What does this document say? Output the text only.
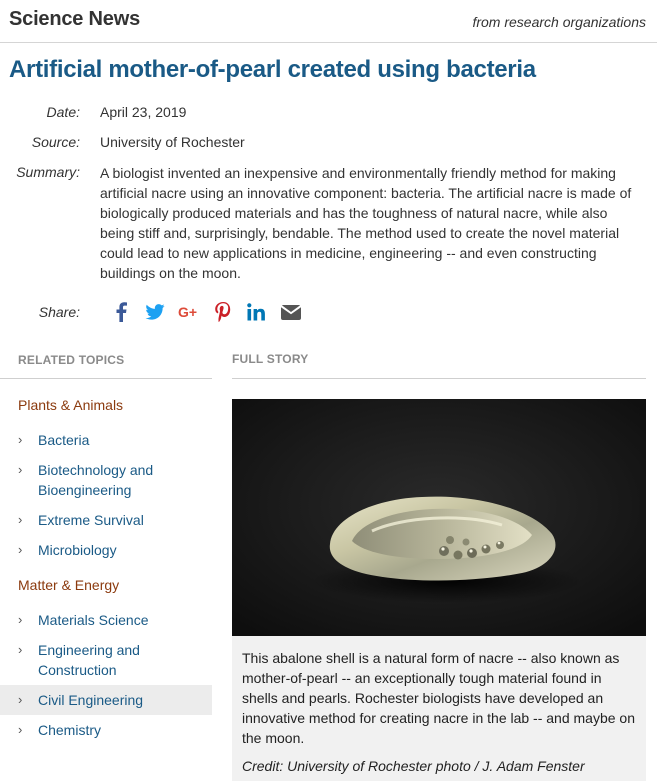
Science News	from research organizations
Artificial mother-of-pearl created using bacteria
Date: April 23, 2019
Source: University of Rochester
Summary: A biologist invented an inexpensive and environmentally friendly method for making artificial nacre using an innovative component: bacteria. The artificial nacre is made of biologically produced materials and has the toughness of natural nacre, while also being stiff and, surprisingly, bendable. The method used to create the novel material could lead to new applications in medicine, engineering -- and even constructing buildings on the moon.
Share:	G+
RELATED TOPICS	FULL STORY
Plants & Animals
› Bacteria
› Biotechnology and Bioengineering
› Extreme Survival
› Microbiology
Matter & Energy
› Materials Science
› Engineering and Construction
› Civil Engineering
› Chemistry
This abalone shell is a natural form of nacre -- also known as mother-of-pearl -- an exceptionally tough material found in shells and pearls. Rochester biologists have developed an innovative method for creating nacre in the lab -- and maybe on the moon.
Credit: University of Rochester photo / J. Adam Fenster
